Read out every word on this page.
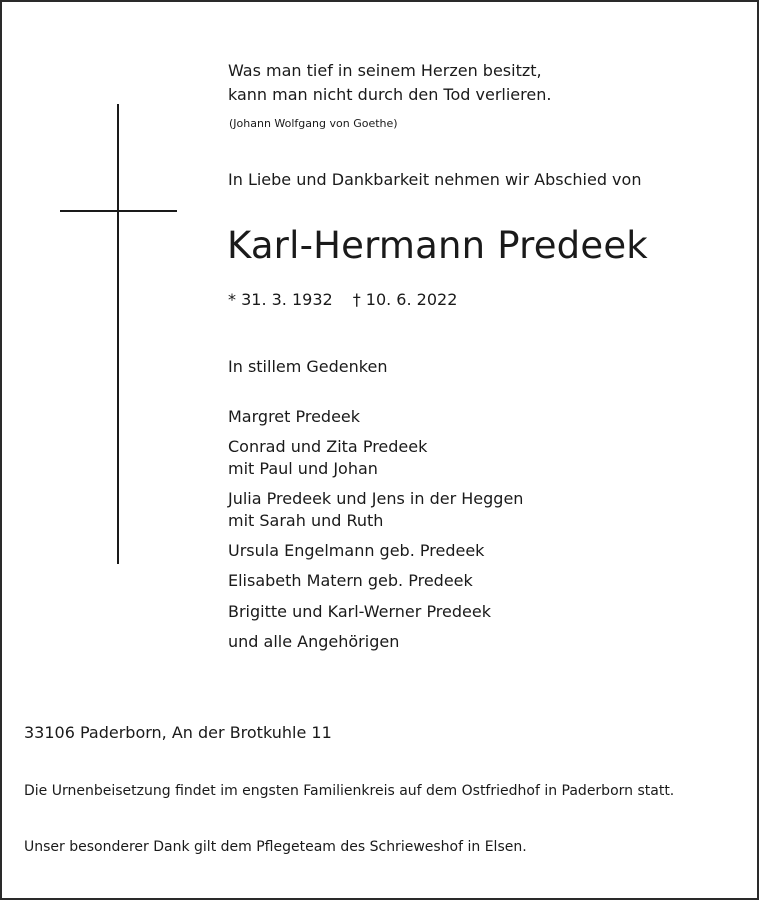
Was man tief in seinem Herzen besitzt,
kann man nicht durch den Tod verlieren.
(Johann Wolfgang von Goethe)
In Liebe und Dankbarkeit nehmen wir Abschied von
Karl-Hermann Predeek
* 31. 3. 1932 † 10. 6. 2022
In stillem Gedenken
Margret Predeek
Conrad und Zita Predeek
mit Paul und Johan
Julia Predeek und Jens in der Heggen
mit Sarah und Ruth
Ursula Engelmann geb. Predeek
Elisabeth Matern geb. Predeek
Brigitte und Karl-Werner Predeek
und alle Angehörigen
33106 Paderborn, An der Brotkuhle 11
Die Urnenbeisetzung findet im engsten Familienkreis auf dem Ostfriedhof in Paderborn statt.
Unser besonderer Dank gilt dem Pflegeteam des Schrieweshof in Elsen.
